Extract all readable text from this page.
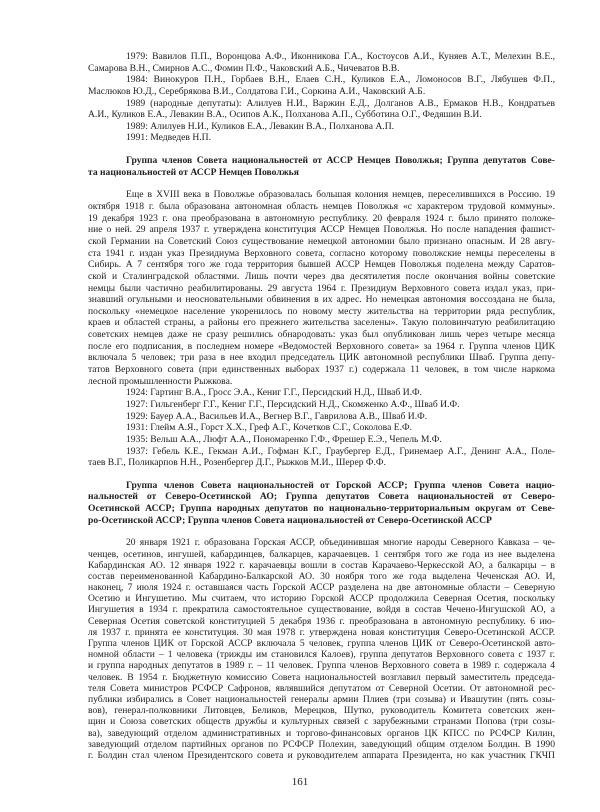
1979: Вавилов П.П., Воронцова А.Ф., Иконникова Г.А., Костоусов А.И., Куняев А.Т., Мелехин В.Е.,
Самарова В.Н., Смирнов А.С., Фомин П.Ф., Чаковский А.Б., Чичеватов В.В.
1984: Винокуров П.Н., Горбаев В.Н., Елаев С.Н., Куликов Е.А., Ломоносов В.Г., Лябушев Ф.П.,
Маслюков Ю.Д., Серебрякова В.И., Солдатова Г.И., Соркина А.И., Чаковский А.Б.
1989 (народные депутаты): Алилуев Н.И., Варжин Е.Д., Долганов А.В., Ермаков Н.В., Кондратьев
А.И., Куликов Е.А., Левакин В.А., Осипов А.К., Полханова А.П., Субботина О.Г., Федяшин В.И.
1989: Алилуев Н.И., Куликов Е.А., Левакин В.А., Полханова А.П.
1991: Медведев Н.П.
Группа членов Совета национальностей от АССР Немцев Поволжья; Группа депутатов Сове-
та национальностей от АССР Немцев Поволжья
Еще в XVIII века в Поволжье образовалась большая колония немцев, переселившихся в Россию. 19
октября 1918 г. была образована автономная область немцев Поволжья «с характером трудовой коммуны».
19 декабря 1923 г. она преобразована в автономную республику. 20 февраля 1924 г. было принято положе-
ние о ней. 29 апреля 1937 г. утверждена конституция АССР Немцев Поволжья. Но после нападения фашист-
ской Германии на Советский Союз существование немецкой автономии было признано опасным. И 28 авгу-
ста 1941 г. издан указ Президиума Верховного совета, согласно которому поволжские немцы переселены в
Сибирь. А 7 сентября того же года территория бывшей АССР Немцев Поволжья поделена между Саратов-
ской и Сталинградской областями. Лишь почти через два десятилетия после окончания войны советские
немцы были частично реабилитированы. 29 августа 1964 г. Президиум Верховного совета издал указ, при-
знавший огульными и неосновательными обвинения в их адрес. Но немецкая автономия воссоздана не была,
поскольку «немецкое население укоренилось по новому месту жительства на территории ряда республик,
краев и областей страны, а районы его прежнего жительства заселены». Такую половинчатую реабилитацию
советских немцев даже не сразу решились обнародовать: указ был опубликован лишь через четыре месяца
после его подписания, в последнем номере «Ведомостей Верховного совета» за 1964 г. Группа членов ЦИК
включала 5 человек; три раза в нее входил председатель ЦИК автономной республики Шваб. Группа депу-
татов Верховного совета (при единственных выборах 1937 г.) содержала 11 человек, в том числе наркома
лесной промышленности Рыжкова.
1924: Гартинг В.А., Гросс Э.А., Кениг Г.Г., Персидский Н.Д., Шваб И.Ф.
1927: Гильгенберг Г.Г., Кениг Г.Г., Персидский Н.Д., Скомженко А.Ф., Шваб И.Ф.
1929: Бауер А.А., Васильев И.А., Вегнер В.Г., Гаврилова А.В., Шваб И.Ф.
1931: Глейм А.Я., Горст Х.Х., Греф А.Г., Кочетков С.Г., Соколова Е.Ф.
1935: Вельш А.А., Люфт А.А., Пономаренко Г.Ф., Фрешер Е.Э., Чепель М.Ф.
1937: Гебель К.Е., Гекман А.И., Гофман К.Г., Граубергер Е.Д., Гринемаер А.Г., Денинг А.А., Поле-
таев В.Г., Поликарпов Н.Н., Розенбергер Д.Г., Рыжков М.И., Шерер Ф.Ф.
Группа членов Совета национальностей от Горской АССР; Группа членов Совета нацио-
нальностей от Северо-Осетинской АО; Группа депутатов Совета национальностей от Северо-
Осетинской АССР; Группа народных депутатов по национально-территориальным округам от Севе-
ро-Осетинской АССР; Группа членов Совета национальностей от Северо-Осетинской АССР
20 января 1921 г. образована Горская АССР, объединившая многие народы Северного Кавказа – че-
ченцев, осетинов, ингушей, кабардинцев, балкарцев, карачаевцев. 1 сентября того же года из нее выделена
Кабардинская АО. 12 января 1922 г. карачаевцы вошли в состав Карачаево-Черкесской АО, а балкарцы – в
состав переименованной Кабардино-Балкарской АО. 30 ноября того же года выделена Чеченская АО. И,
наконец, 7 июля 1924 г. оставшаяся часть Горской АССР разделена на две автономные области – Северную
Осетию и Ингушетию. Мы считаем, что историю Горской АССР продолжила Северная Осетия, поскольку
Ингушетия в 1934 г. прекратила самостоятельное существование, войдя в состав Чечено-Ингушской АО, а
Северная Осетия советской конституцией 5 декабря 1936 г. преобразована в автономную республику. 6 ию-
ля 1937 г. принята ее конституция. 30 мая 1978 г. утверждена новая конституция Северо-Осетинской АССР.
Группа членов ЦИК от Горской АССР включала 5 человек, группа членов ЦИК от Северо-Осетинской авто-
номной области – 1 человека (трижды им становился Калоев), группа депутатов Верховного совета с 1937 г.
и группа народных депутатов в 1989 г. – 11 человек. Группа членов Верховного совета в 1989 г. содержала 4
человек. В 1954 г. Бюджетную комиссию Совета национальностей возглавил первый заместитель председа-
теля Совета министров РСФСР Сафронов, являвшийся депутатом от Северной Осетии. От автономной рес-
публики избирались в Совет национальностей генералы армии Плиев (три созыва) и Ивашутин (пять созы-
вов), генерал-полковники Литовцев, Беликов, Мерецков, Шутко, руководитель Комитета советских жен-
щин и Союза советских обществ дружбы и культурных связей с зарубежными странами Попова (три созы-
ва), заведующий отделом административных и торгово-финансовых органов ЦК КПСС по РСФСР Килин,
заведующий отделом партийных органов по РСФСР Полехин, заведующий общим отделом Болдин. В 1990
г. Болдин стал членом Президентского совета и руководителем аппарата Президента, но как участник ГКЧП
161
